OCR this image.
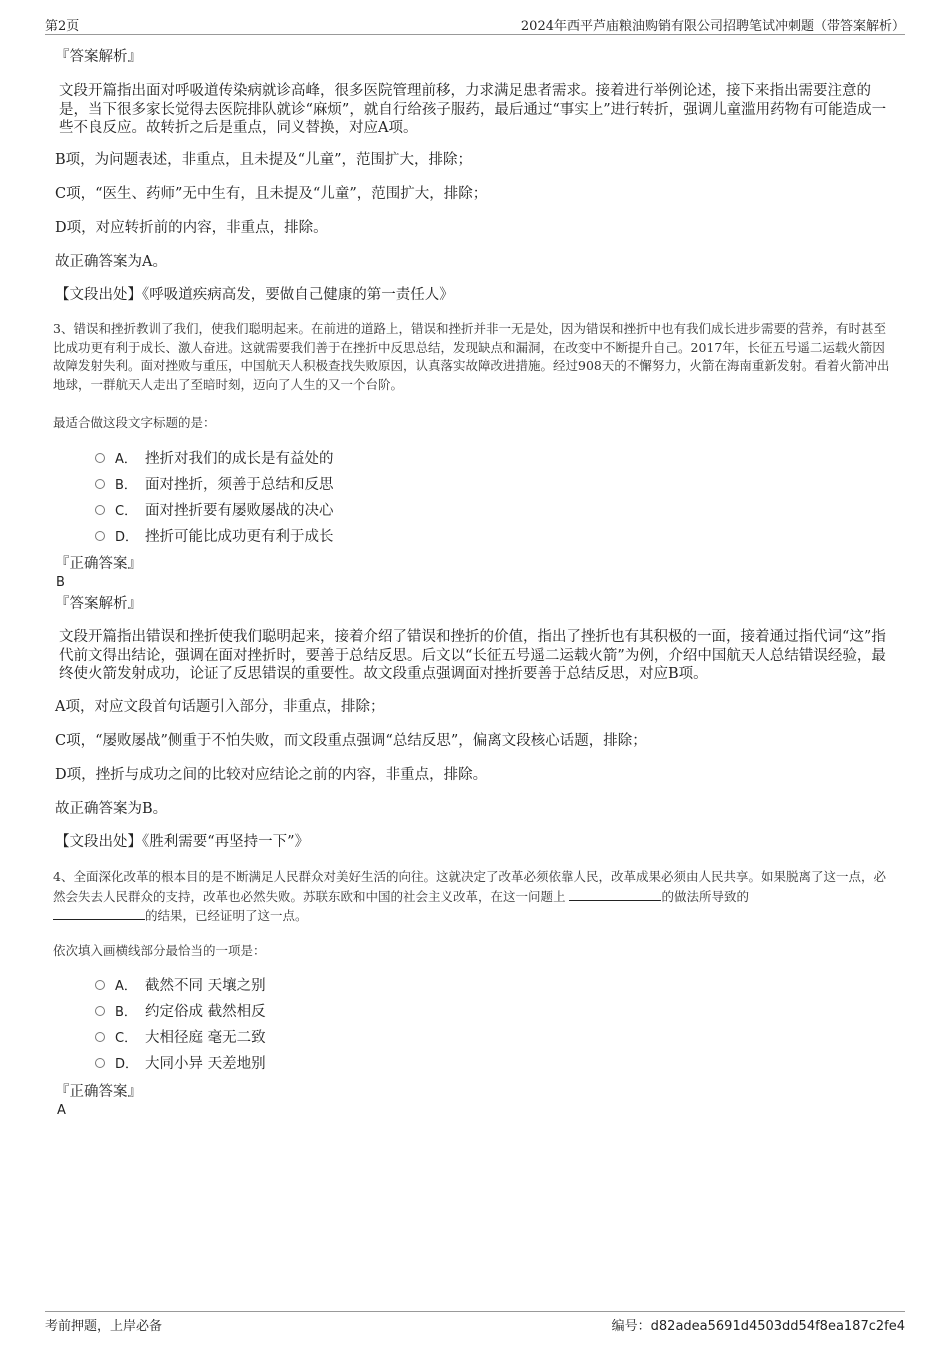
第2页	2024年西平芦庙粮油购销有限公司招聘笔试冲刺题（带答案解析）
『答案解析』
文段开篇指出面对呼吸道传染病就诊高峰，很多医院管理前移，力求满足患者需求。接着进行举例论述，接下来指出需要注意的是，当下很多家长觉得去医院排队就诊“麻烦”，就自行给孩子服药，最后通过“事实上”进行转折，强调儿童滥用药物有可能造成一些不良反应。故转折之后是重点，同义替换，对应A项。
B项，为问题表述，非重点，且未提及“儿童”，范围扩大，排除；
C项，“医生、药师”无中生有，且未提及“儿童”，范围扩大，排除；
D项，对应转折前的内容，非重点，排除。
故正确答案为A。
【文段出处】《呼吸道疾病高发，要做自己健康的第一责任人》
3、错误和挫折教训了我们，使我们聪明起来。在前进的道路上，错误和挫折并非一无是处，因为错误和挫折中也有我们成长进步需要的营养，有时甚至比成功更有利于成长、激人奋进。这就需要我们善于在挫折中反思总结，发现缺点和漏洞，在改变中不断提升自己。2017年，长征五号遥二运载火箭因故障发射失利。面对挫败与重压，中国航天人积极查找失败原因，认真落实故障改进措施。经过908天的不懈努力，火箭在海南重新发射。看着火箭冲出地球，一群航天人走出了至暗时刻，迈向了人生的又一个台阶。
最适合做这段文字标题的是：
A． 挫折对我们的成长是有益处的
B． 面对挫折，须善于总结和反思
C． 面对挫折要有屡败屡战的决心
D． 挫折可能比成功更有利于成长
『正确答案』
B
『答案解析』
文段开篇指出错误和挫折使我们聪明起来，接着介绍了错误和挫折的价值，指出了挫折也有其积极的一面，接着通过指代词“这”指代前文得出结论，强调在面对挫折时，要善于总结反思。后文以“长征五号遥二运载火箭”为例，介绍中国航天人总结错误经验，最终使火箭发射成功，论证了反思错误的重要性。故文段重点强调面对挫折要善于总结反思，对应B项。
A项，对应文段首句话题引入部分，非重点，排除；
C项，“屡败屡战”侧重于不怕失败，而文段重点强调“总结反思”，偏离文段核心话题，排除；
D项，挫折与成功之间的比较对应结论之前的内容，非重点，排除。
故正确答案为B。
【文段出处】《胜利需要“再坚持一下”》
4、全面深化改革的根本目的是不断满足人民群众对美好生活的向往。这就决定了改革必须依靠人民，改革成果必须由人民共享。如果脱离了这一点，必然会失去人民群众的支持，改革也必然失败。苏联东欧和中国的社会主义改革，在这一问题上	的做法所导致的
的结果，已经证明了这一点。
依次填入画横线部分最恰当的一项是：
A． 截然不同 天壤之别
B． 约定俗成 截然相反
C． 大相径庭 毫无二致
D． 大同小异 天差地别
『正确答案』
A
考前押题，上岸必备	编号：d82adea5691d4503dd54f8ea187c2fe4
